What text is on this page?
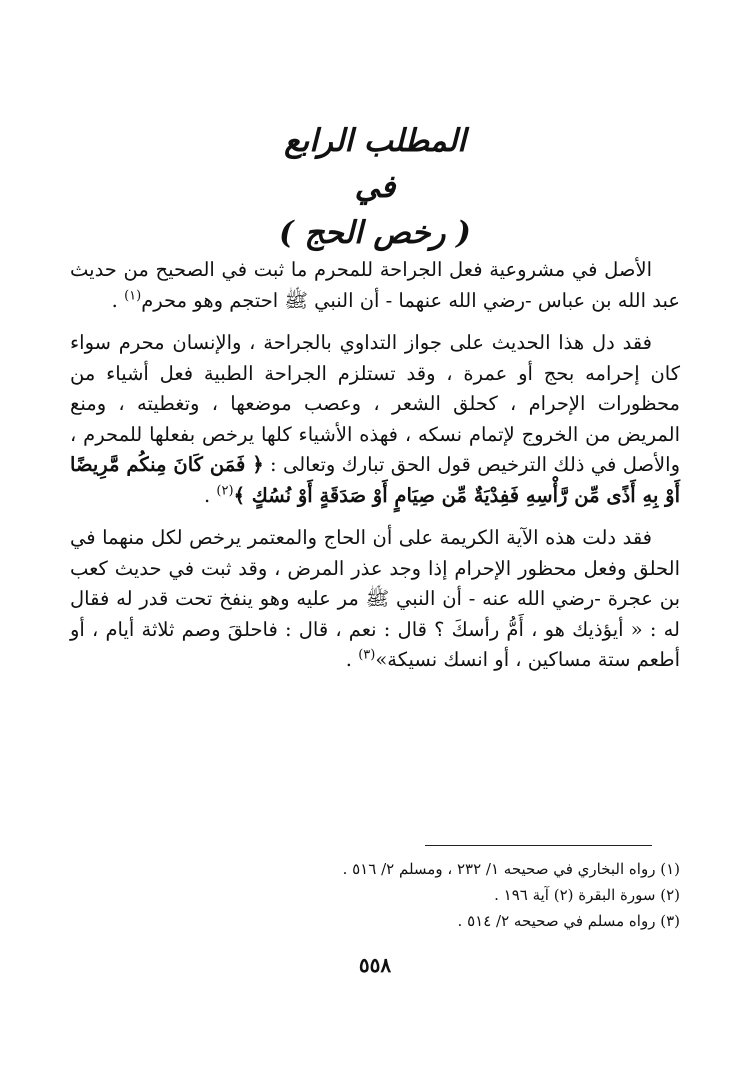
المطلب الرابع
في
( رخص الحج )

الأصل في مشروعية فعل الجراحة للمحرم ما ثبت في الصحيح من حديث عبد الله بن عباس -رضي الله عنهما - أن النبي ﷺ احتجم وهو محرم$^{(١)}$ .

فقد دل هذا الحديث على جواز التداوي بالجراحة ، والإنسان محرم سواء كان إحرامه بحج أو عمرة ، وقد تستلزم الجراحة الطبية فعل أشياء من محظورات الإحرام ، كحلق الشعر ، وعصب موضعها ، وتغطيته ، ومنع المريض من الخروج لإتمام نسكه ، فهذه الأشياء كلها يرخص بفعلها للمحرم ، والأصل في ذلك الترخيص قول الحق تبارك وتعالى : ﴿ فَمَن كَانَ مِنكُم مَّرِيضًا أَوْ بِهِ أَذًى مِّن رَّأْسِهِ فَفِدْيَةٌ مِّن صِيَامٍ أَوْ صَدَقَةٍ أَوْ نُسُكٍ ﴾$^{(٢)}$ .

فقد دلت هذه الآية الكريمة على أن الحاج والمعتمر يرخص لكل منهما في الحلق وفعل محظور الإحرام إذا وجد عذر المرض ، وقد ثبت في حديث كعب بن عجرة -رضي الله عنه - أن النبي ﷺ مر عليه وهو ينفخ تحت قدر له فقال له : « أيؤذيك هو ، أَمُّ رأسكَ ؟ قال : نعم ، قال : فاحلقَ وصم ثلاثة أيام ، أو أطعم ستة مساكين ، أو انسك نسيكة»$^{(٣)}$ .

(١) رواه البخاري في صحيحه ١/ ٢٣٢ ، ومسلم ٢/ ٥١٦ .
(٢) سورة البقرة (٢) آية ١٩٦ .
(٣) رواه مسلم في صحيحه ٢/ ٥١٤ .
٥٥٨
